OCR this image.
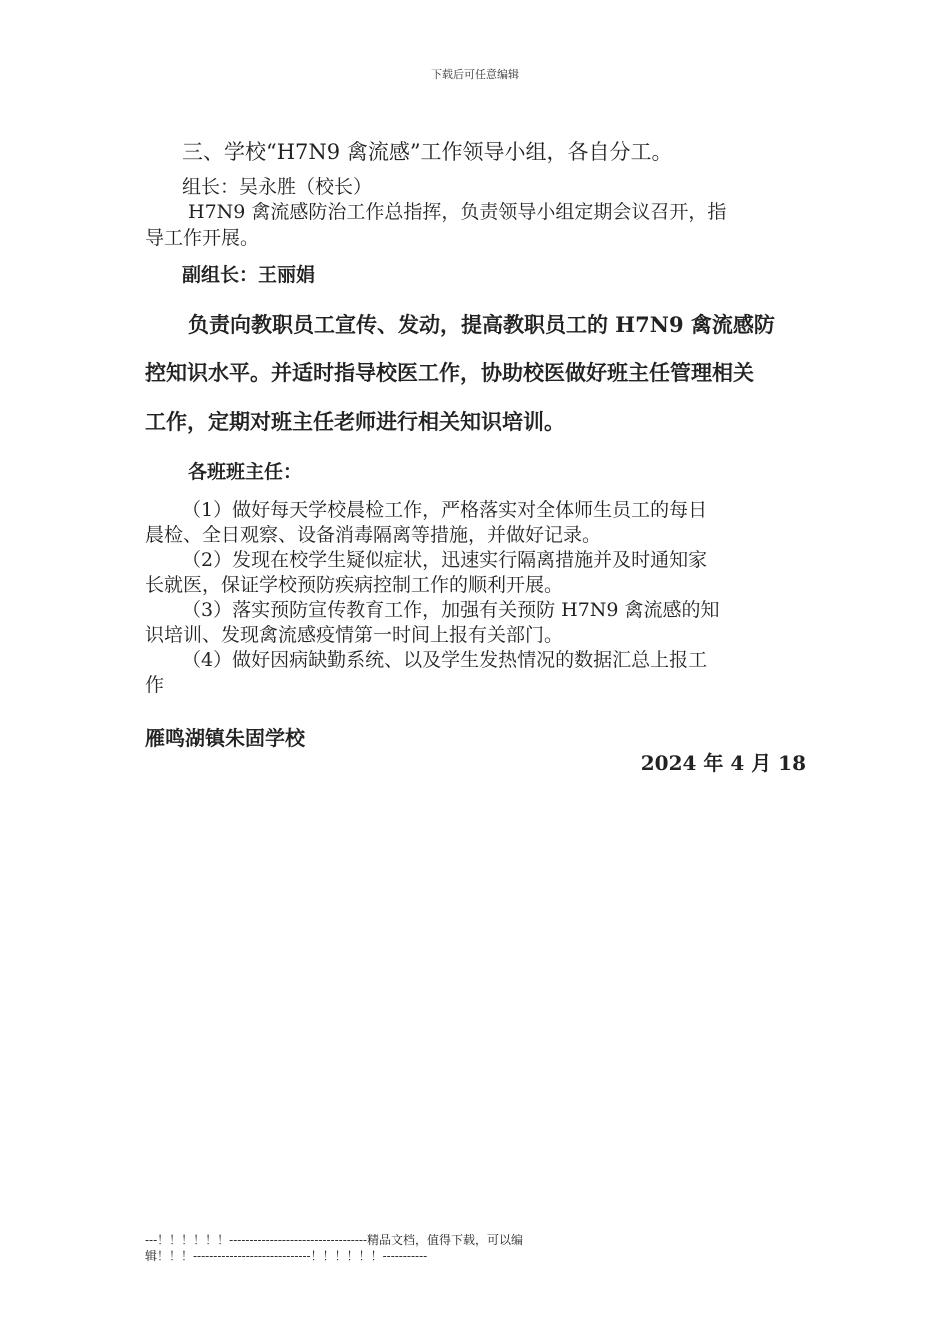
下载后可任意编辑
三、学校“H7N9 禽流感”工作领导小组，各自分工。
组长：吴永胜（校长）
H7N9 禽流感防治工作总指挥，负责领导小组定期会议召开，指
导工作开展。
副组长：王丽娟
负责向教职员工宣传、发动，提高教职员工的 H7N9 禽流感防
控知识水平。并适时指导校医工作，协助校医做好班主任管理相关
工作，定期对班主任老师进行相关知识培训。
各班班主任：
（1）做好每天学校晨检工作，严格落实对全体师生员工的每日
晨检、全日观察、设备消毒隔离等措施，并做好记录。
（2）发现在校学生疑似症状，迅速实行隔离措施并及时通知家
长就医，保证学校预防疾病控制工作的顺利开展。
（3）落实预防宣传教育工作，加强有关预防 H7N9 禽流感的知
识培训、发现禽流感疫情第一时间上报有关部门。
（4）做好因病缺勤系统、以及学生发热情况的数据汇总上报工
作
雁鸣湖镇朱固学校
2024 年 4 月 18
---！！！！！！----------------------------------精品文档，值得下载，可以编
辑！！！-----------------------------！！！！！！-----------
